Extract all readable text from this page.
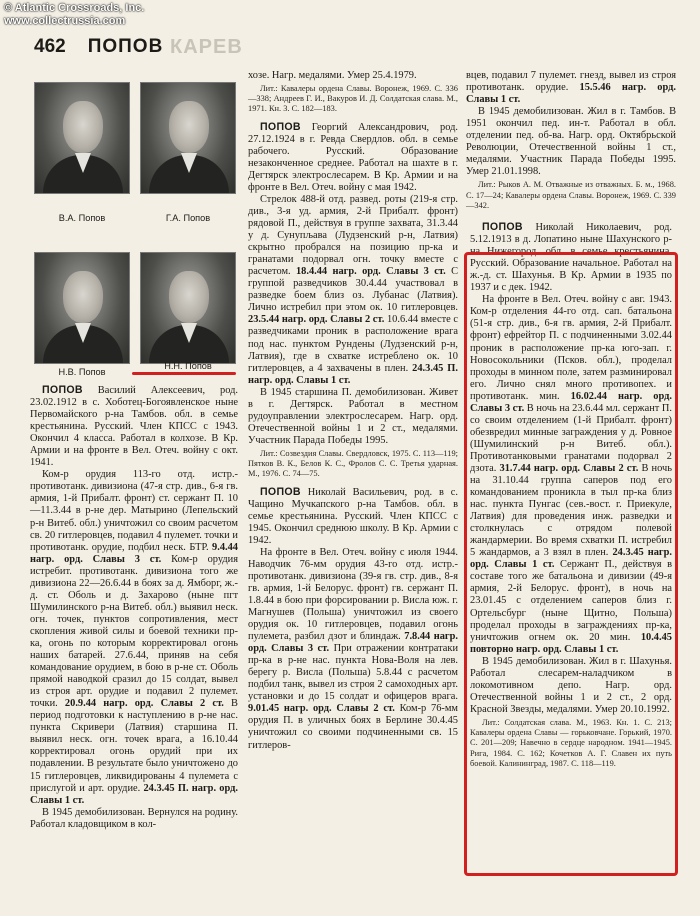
© Atlantic Crossroads, Inc.
www.collectrussia.com
КАРЕВ
462 ПОПОВ
В.А. Попов	Г.А. Попов
Н.В. Попов
Н.Н. Попов

ПОПОВ Василий Алексеевич, род. 23.02.1912 в с. Хоботец-Богоявленское ныне Первомайского р-на Тамбов. обл. в семье крестьянина. Русский. Член КПСС с 1943. Окончил 4 класса. Работал в колхозе. В Кр. Армии и на фронте в Вел. Отеч. войну с окт. 1941.

Ком-р орудия 113-го отд. истр.-противотанк. дивизиона (47-я стр. див., 6-я гв. армия, 1-й Прибалт. фронт) ст. сержант П. 10—11.3.44 в р-не дер. Матырино (Лепельский р-н Витеб. обл.) уничтожил со своим расчетом св. 20 гитлеровцев, подавил 4 пулемет. точки и противотанк. орудие, подбил неск. БТР. 9.4.44 нагр. орд. Славы 3 ст. Ком-р орудия истребит. противотанк. дивизиона того же дивизиона 22—26.6.44 в боях за д. Ямборг, ж.-д. ст. Оболь и д. Захарово (ныне пгт Шумилинского р-на Витеб. обл.) выявил неск. огн. точек, пунктов сопротивления, мест скопления живой силы и боевой техники пр-ка, огонь по которым корректировал огонь наших батарей. 27.6.44, приняв на себя командование орудием, в бою в р-не ст. Оболь прямой наводкой сразил до 15 солдат, вывел из строя арт. орудие и подавил 2 пулемет. точки. 20.9.44 нагр. орд. Славы 2 ст. В период подготовки к наступлению в р-не нас. пункта Скривери (Латвия) старшина П. выявил неск. огн. точек врага, а 16.10.44 корректировал огонь орудий при их подавлении. В результате было уничтожено до 15 гитлеровцев, ликвидированы 4 пулемета с прислугой и арт. орудие. 24.3.45 П. нагр. орд. Славы 1 ст.

В 1945 демобилизован. Вернулся на родину. Работал кладовщиком в кол-

хозе. Нагр. медалями. Умер 25.4.1979.

Лит.: Кавалеры ордена Славы. Воронеж, 1969. С. 336—338; Андреев Г. И., Вакуров И. Д. Солдатская слава. М., 1971. Кн. 3. С. 182—183.

ПОПОВ Георгий Александрович, род. 27.12.1924 в г. Ревда Свердлов. обл. в семье рабочего. Русский. Образование незаконченное среднее. Работал на шахте в г. Дегтярск электрослесарем. В Кр. Армии и на фронте в Вел. Отеч. войну с мая 1942.

Стрелок 488-й отд. развед. роты (219-я стр. див., 3-я уд. армия, 2-й Прибалт. фронт) рядовой П., действуя в группе захвата, 31.3.44 у д. Сунупљава (Лудзенский р-н, Латвия) скрытно пробрался на позицию пр-ка и гранатами подорвал огн. точку вместе с расчетом. 18.4.44 нагр. орд. Славы 3 ст. С группой разведчиков 30.4.44 участвовал в разведке боем близ оз. Лубанас (Латвия). Лично истребил при этом ок. 10 гитлеровцев. 23.5.44 нагр. орд. Славы 2 ст. 10.6.44 вместе с разведчиками проник в расположение врага под нас. пунктом Рундены (Лудзенский р-н, Латвия), где в схватке истреблено ок. 10 гитлеровцев, а 4 захвачены в плен. 24.3.45 П. нагр. орд. Славы 1 ст.

В 1945 старшина П. демобилизован. Живет в г. Дегтярск. Работал в местном рудоуправлении электрослесарем. Нагр. орд. Отечественной войны 1 и 2 ст., медалями. Участник Парада Победы 1995.

Лит.: Созвездия Славы. Свердловск, 1975. С. 113—119; Пятков В. К., Белов К. С., Фролов С. С. Третья ударная. М., 1976. С. 74—75.

ПОПОВ Николай Васильевич, род. в с. Чащино Мучкапского р-на Тамбов. обл. в семье крестьянина. Русский. Член КПСС с 1945. Окончил среднюю школу. В Кр. Армии с 1942.

На фронте в Вел. Отеч. войну с июля 1944. Наводчик 76-мм орудия 43-го отд. истр.-противотанк. дивизиона (39-я гв. стр. див., 8-я гв. армия, 1-й Белорус. фронт) гв. сержант П. 1.8.44 в бою при форсировании р. Висла юж. г. Магнушев (Польша) уничтожил из своего орудия ок. 10 гитлеровцев, подавил огонь пулемета, разбил дзот и блиндаж. 7.8.44 нагр. орд. Славы 3 ст. При отражении контратаки пр-ка в р-не нас. пункта Нова-Воля на лев. берегу р. Висла (Польша) 5.8.44 с расчетом подбил танк, вывел из строя 2 самоходных арт. установки и до 15 солдат и офицеров врага. 9.01.45 нагр. орд. Славы 2 ст. Ком-р 76-мм орудия П. в уличных боях в Берлине 30.4.45 уничтожил со своими подчиненными св. 15 гитлеров-

вцев, подавил 7 пулемет. гнезд, вывел из строя противотанк. орудие. 15.5.46 нагр. орд. Славы 1 ст.

В 1945 демобилизован. Жил в г. Тамбов. В 1951 окончил пед. ин-т. Работал в обл. отделении пед. об-ва. Нагр. орд. Октябрьской Революции, Отечественной войны 1 ст., медалями. Участник Парада Победы 1995. Умер 21.01.1998.

Лит.: Рыков А. М. Отважные из отважных. Б. м., 1968. С. 17—24; Кавалеры ордена Славы. Воронеж, 1969. С. 339—342.

ПОПОВ Николай Николаевич, род. 5.12.1913 в д. Лопатино ныне Шахунского р-на Нижегород. обл. в семье крестьянина. Русский. Образование начальное. Работал на ж.-д. ст. Шахунья. В Кр. Армии в 1935 по 1937 и с дек. 1942.

На фронте в Вел. Отеч. войну с авг. 1943. Ком-р отделения 44-го отд. сап. батальона (51-я стр. див., 6-я гв. армия, 2-й Прибалт. фронт) ефрейтор П. с подчиненными 3.02.44 проник в расположение пр-ка юго-зап. г. Новосокольники (Псков. обл.), проделал проходы в минном поле, затем разминировал его. Лично снял много противопех. и противотанк. мин. 16.02.44 нагр. орд. Славы 3 ст. В ночь на 23.6.44 мл. сержант П. со своим отделением (1-й Прибалт. фронт) обезвредил минные заграждения у д. Ровное (Шумилинский р-н Витеб. обл.). Противотанковыми гранатами подорвал 2 дзота. 31.7.44 нагр. орд. Славы 2 ст. В ночь на 31.10.44 группа саперов под его командованием проникла в тыл пр-ка близ нас. пункта Пунгас (сев.-вост. г. Приекуле, Латвия) для проведения инж. разведки и столкнулась с отрядом полевой жандармерии. Во время схватки П. истребил 5 жандармов, а 3 взял в плен. 24.3.45 нагр. орд. Славы 1 ст. Сержант П., действуя в составе того же батальона и дивизии (49-я армия, 2-й Белорус. фронт), в ночь на 23.01.45 с отделением саперов близ г. Ортельсбург (ныне Щитно, Польша) проделал проходы в заграждениях пр-ка, уничтожив огнем ок. 20 мин. 10.4.45 повторно нагр. орд. Славы 1 ст.

В 1945 демобилизован. Жил в г. Шахунья. Работал слесарем-наладчиком в локомотивном депо. Нагр. орд. Отечественной войны 1 и 2 ст., 2 орд. Красной Звезды, медалями. Умер 20.10.1992.

Лит.: Солдатская слава. М., 1963. Кн. 1. С. 213; Кавалеры ордена Славы — горьковчане. Горький, 1970. С. 201—209; Навечно в сердце народном. 1941—1945. Рига, 1984. С. 162; Кочетков А. Г. Славен их путь боевой. Калининград, 1987. С. 118—119.
